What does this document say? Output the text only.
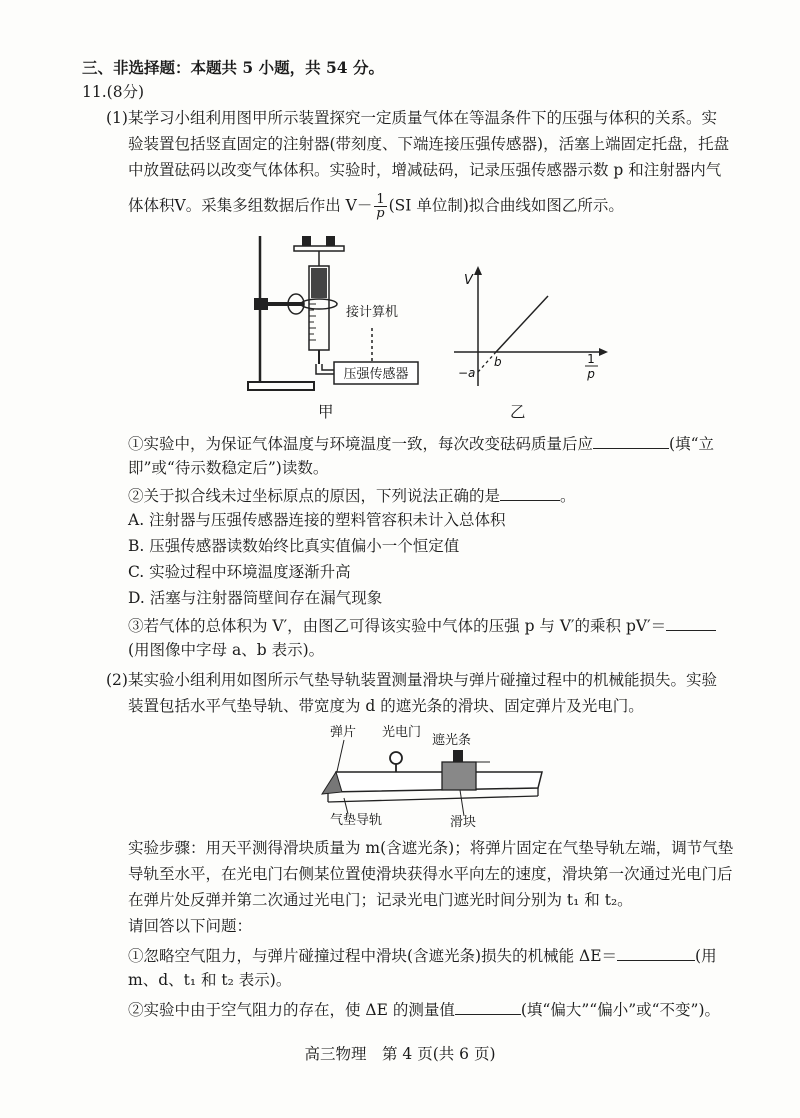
三、非选择题：本题共 5 小题，共 54 分。
11.(8分)
(1)某学习小组利用图甲所示装置探究一定质量气体在等温条件下的压强与体积的关系。实
验装置包括竖直固定的注射器(带刻度、下端连接压强传感器)，活塞上端固定托盘，托盘
中放置砝码以改变气体体积。实验时，增减砝码，记录压强传感器示数 p 和注射器内气
体体积V。采集多组数据后作出 $V- \frac{1}{p} (SI$ 单位制)拟合曲线如图乙所示。
压强传感器
接计算机
甲
V
1
p
−a
b
乙
①实验中，为保证气体温度与环境温度一致，每次改变砝码质量后应	(填“立
即”或“待示数稳定后”)读数。
②关于拟合线未过坐标原点的原因，下列说法正确的是	。
A. 注射器与压强传感器连接的塑料管容积未计入总体积
B. 压强传感器读数始终比真实值偏小一个恒定值
C. 实验过程中环境温度逐渐升高
D. 活塞与注射器筒壁间存在漏气现象
③若气体的总体积为 V′，由图乙可得该实验中气体的压强 p 与 V′的乘积 pV′＝
(用图像中字母 a、b 表示)。
(2)某实验小组利用如图所示气垫导轨装置测量滑块与弹片碰撞过程中的机械能损失。实验
装置包括水平气垫导轨、带宽度为 d 的遮光条的滑块、固定弹片及光电门。
弹片 光电门
遮光条
气垫导轨	滑块
实验步骤：用天平测得滑块质量为 m(含遮光条)；将弹片固定在气垫导轨左端，调节气垫
导轨至水平，在光电门右侧某位置使滑块获得水平向左的速度，滑块第一次通过光电门后
在弹片处反弹并第二次通过光电门；记录光电门遮光时间分别为 t₁ 和 t₂。
请回答以下问题：
①忽略空气阻力，与弹片碰撞过程中滑块(含遮光条)损失的机械能 ΔE＝	(用
m、d、t₁ 和 t₂ 表示)。
②实验中由于空气阻力的存在，使 ΔE 的测量值	(填“偏大”“偏小”或“不变”)。
高三物理　第 4 页(共 6 页)
